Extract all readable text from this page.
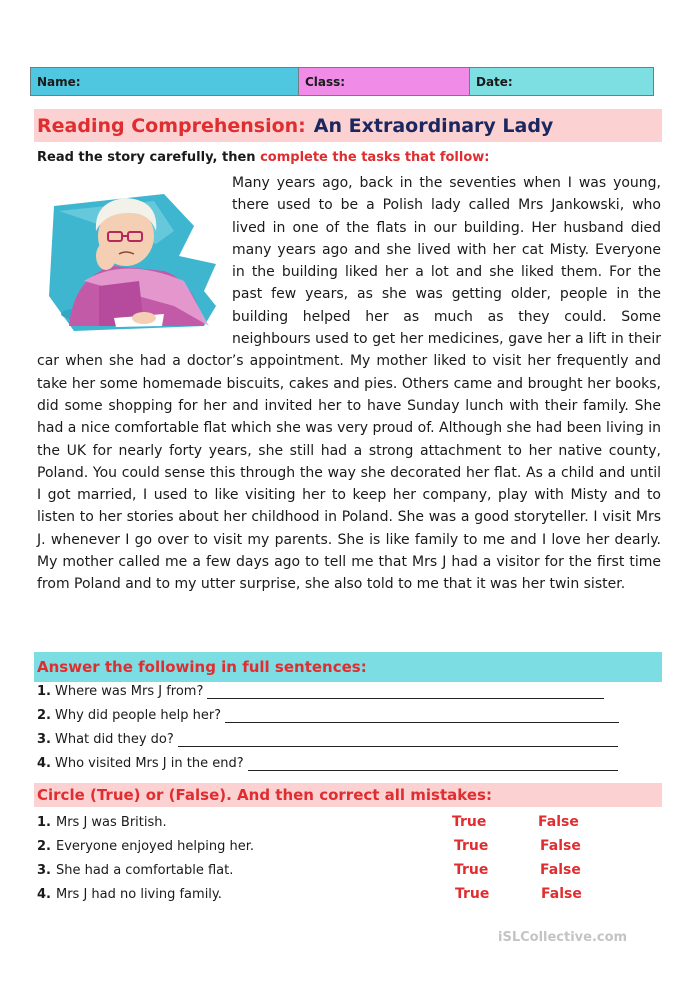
Name:	Class:	Date:
Reading Comprehension: An Extraordinary Lady
Read the story carefully, then complete the tasks that follow:
Many years ago, back in the seventies when I was young, there used to be a Polish lady called Mrs Jankowski, who lived in one of the flats in our building. Her husband died many years ago and she lived with her cat Misty. Everyone in the building liked her a lot and she liked them. For the past few years, as she was getting older, people in the building helped her as much as they could. Some neighbours used to get her medicines, gave her a lift in their car when she had a doctor’s appointment. My mother liked to visit her frequently and take her some homemade biscuits, cakes and pies. Others came and brought her books, did some shopping for her and invited her to have Sunday lunch with their family. She had a nice comfortable flat which she was very proud of. Although she had been living in the UK for nearly forty years, she still had a strong attachment to her native county, Poland. You could sense this through the way she decorated her flat. As a child and until I got married, I used to like visiting her to keep her company, play with Misty and to listen to her stories about her childhood in Poland. She was a good storyteller. I visit Mrs J. whenever I go over to visit my parents. She is like family to me and I love her dearly. My mother called me a few days ago to tell me that Mrs J had a visitor for the first time from Poland and to my utter surprise, she also told to me that it was her twin sister.
Answer the following in full sentences:
1. Where was Mrs J from?
2. Why did people help her?
3. What did they do?
4. Who visited Mrs J in the end?
Circle (True) or (False). And then correct all mistakes:
1. Mrs J was British.	True	False
2. Everyone enjoyed helping her.	True	False
3. She had a comfortable flat.	True	False
4. Mrs J had no living family.	True	False
iSLCollective.com
